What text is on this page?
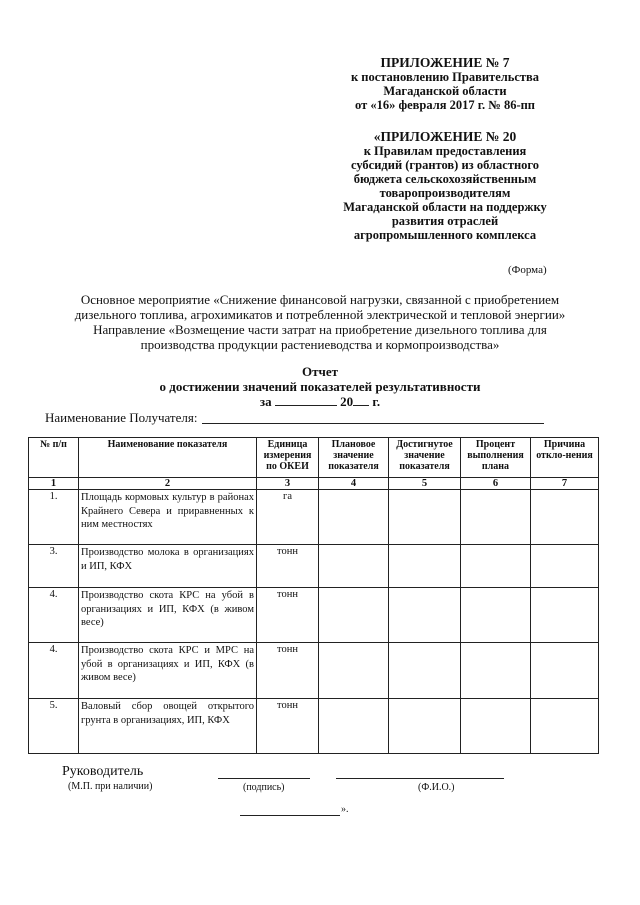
ПРИЛОЖЕНИЕ № 7
к постановлению Правительства
Магаданской области
от «16» февраля 2017 г. № 86-пп
«ПРИЛОЖЕНИЕ № 20
к Правилам предоставления
субсидий (грантов) из областного
бюджета сельскохозяйственным
товаропроизводителям
Магаданской области на поддержку
развития отраслей
агропромышленного комплекса
(Форма)
Основное мероприятие «Снижение финансовой нагрузки, связанной с приобретением
дизельного топлива, агрохимикатов и потребленной электрической и тепловой энергии»
Направление «Возмещение части затрат на приобретение дизельного топлива для
производства продукции растениеводства и кормопроизводства»
Отчет
о достижении значений показателей результативности
за	20 г.
Наименование Получателя:
№ п/п	Наименование показателя	Единица измерения по ОКЕИ	Плановое значение показателя	Достигнутое значение показателя	Процент выполнения плана	Причина откло-нения
1	2	3	4	5	6	7
1.	Площадь кормовых культур в районах Крайнего Севера и приравненных к ним местностях	га				
3.	Производство молока в организациях и ИП, КФХ	тонн				
4.	Производство скота КРС на убой в организациях и ИП, КФХ (в живом весе)	тонн				
4.	Производство скота КРС и МРС на убой в организациях и ИП, КФХ (в живом весе)	тонн				
5.	Валовый сбор овощей открытого грунта в организациях, ИП, КФХ	тонн				
Руководитель
(М.П. при наличии)	(подпись)	(Ф.И.О.)
».
